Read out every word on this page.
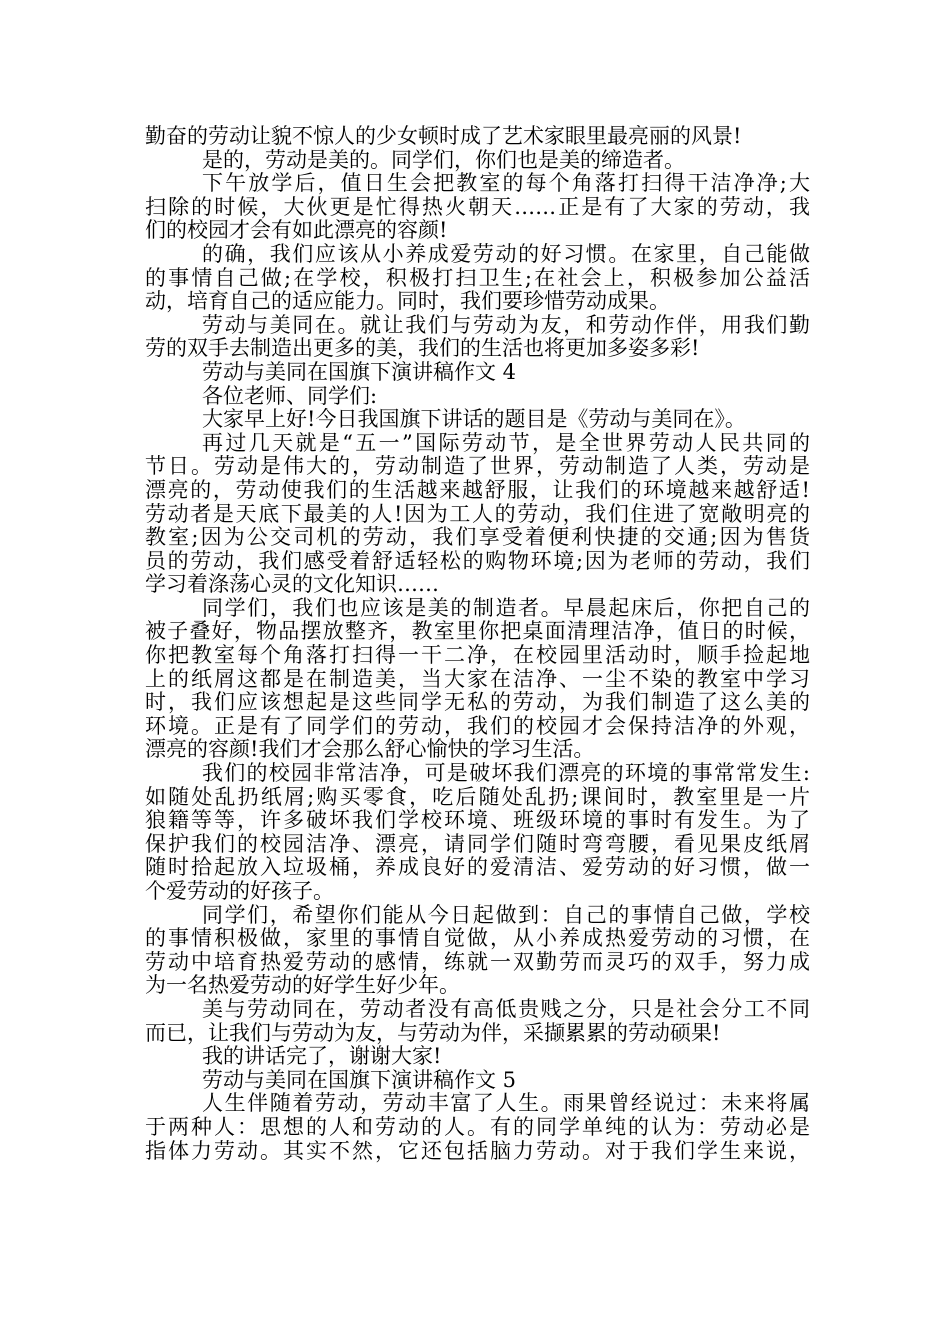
勤奋的劳动让貌不惊人的少女顿时成了艺术家眼里最亮丽的风景!
是的，劳动是美的。同学们，你们也是美的缔造者。
下午放学后，值日生会把教室的每个角落打扫得干洁净净;大
扫除的时候，大伙更是忙得热火朝天……正是有了大家的劳动，我
们的校园才会有如此漂亮的容颜!
的确，我们应该从小养成爱劳动的好习惯。在家里，自己能做
的事情自己做;在学校，积极打扫卫生;在社会上，积极参加公益活
动，培育自己的适应能力。同时，我们要珍惜劳动成果。
劳动与美同在。就让我们与劳动为友，和劳动作伴，用我们勤
劳的双手去制造出更多的美，我们的生活也将更加多姿多彩!
劳动与美同在国旗下演讲稿作文 4
各位老师、同学们:
大家早上好!今日我国旗下讲话的题目是《劳动与美同在》。
再过几天就是“五一”国际劳动节，是全世界劳动人民共同的
节日。劳动是伟大的，劳动制造了世界，劳动制造了人类，劳动是
漂亮的，劳动使我们的生活越来越舒服，让我们的环境越来越舒适!
劳动者是天底下最美的人!因为工人的劳动，我们住进了宽敞明亮的
教室;因为公交司机的劳动，我们享受着便利快捷的交通;因为售货
员的劳动，我们感受着舒适轻松的购物环境;因为老师的劳动，我们
学习着涤荡心灵的文化知识……
同学们，我们也应该是美的制造者。早晨起床后，你把自己的
被子叠好，物品摆放整齐，教室里你把桌面清理洁净，值日的时候，
你把教室每个角落打扫得一干二净，在校园里活动时，顺手捡起地
上的纸屑这都是在制造美，当大家在洁净、一尘不染的教室中学习
时，我们应该想起是这些同学无私的劳动，为我们制造了这么美的
环境。正是有了同学们的劳动，我们的校园才会保持洁净的外观，
漂亮的容颜!我们才会那么舒心愉快的学习生活。
我们的校园非常洁净，可是破坏我们漂亮的环境的事常常发生:
如随处乱扔纸屑;购买零食，吃后随处乱扔;课间时，教室里是一片
狼籍等等，许多破坏我们学校环境、班级环境的事时有发生。为了
保护我们的校园洁净、漂亮，请同学们随时弯弯腰，看见果皮纸屑
随时拾起放入垃圾桶，养成良好的爱清洁、爱劳动的好习惯，做一
个爱劳动的好孩子。
同学们，希望你们能从今日起做到：自己的事情自己做，学校
的事情积极做，家里的事情自觉做，从小养成热爱劳动的习惯，在
劳动中培育热爱劳动的感情，练就一双勤劳而灵巧的双手，努力成
为一名热爱劳动的好学生好少年。
美与劳动同在，劳动者没有高低贵贱之分，只是社会分工不同
而已，让我们与劳动为友，与劳动为伴，采撷累累的劳动硕果!
我的讲话完了，谢谢大家!
劳动与美同在国旗下演讲稿作文 5
人生伴随着劳动，劳动丰富了人生。雨果曾经说过：未来将属
于两种人：思想的人和劳动的人。有的同学单纯的认为：劳动必是
指体力劳动。其实不然，它还包括脑力劳动。对于我们学生来说，
